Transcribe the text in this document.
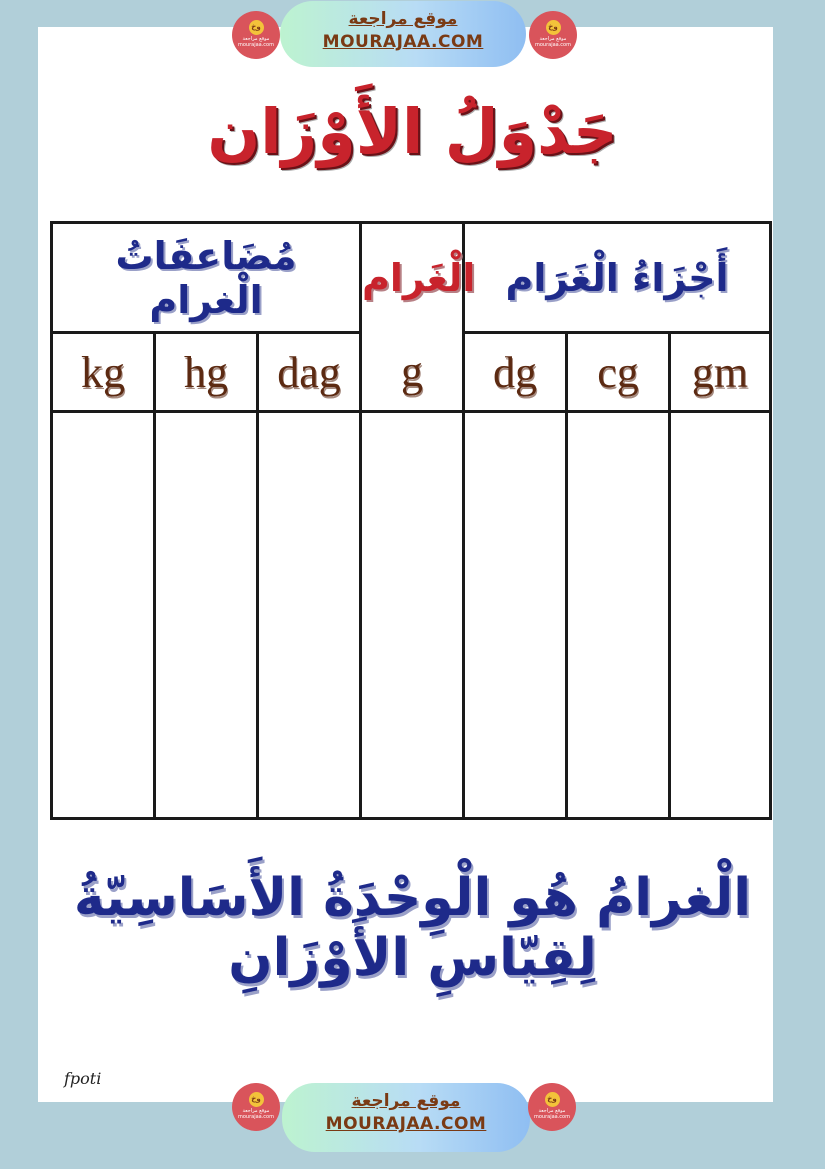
وخ
موقع مراجعة mourajaa.com
موقع مراجعة
MOURAJAA.COM
وخ
موقع مراجعة mourajaa.com
جَدْوَلُ الأَوْزَان
مُضَاعفَاتُ الْغرام			الْغَرام	أَجْزَاءُ الْغَرَام		
kg	hg	dag	g	dg	cg	gm

الْغرامُ هُو الْوِحْدَةُ الأَسَاسِيّةُ لِقِيّاسِ الأَوْزَانِ
fpoti
وخ
موقع مراجعة mourajaa.com
موقع مراجعة
MOURAJAA.COM
وخ
موقع مراجعة mourajaa.com
